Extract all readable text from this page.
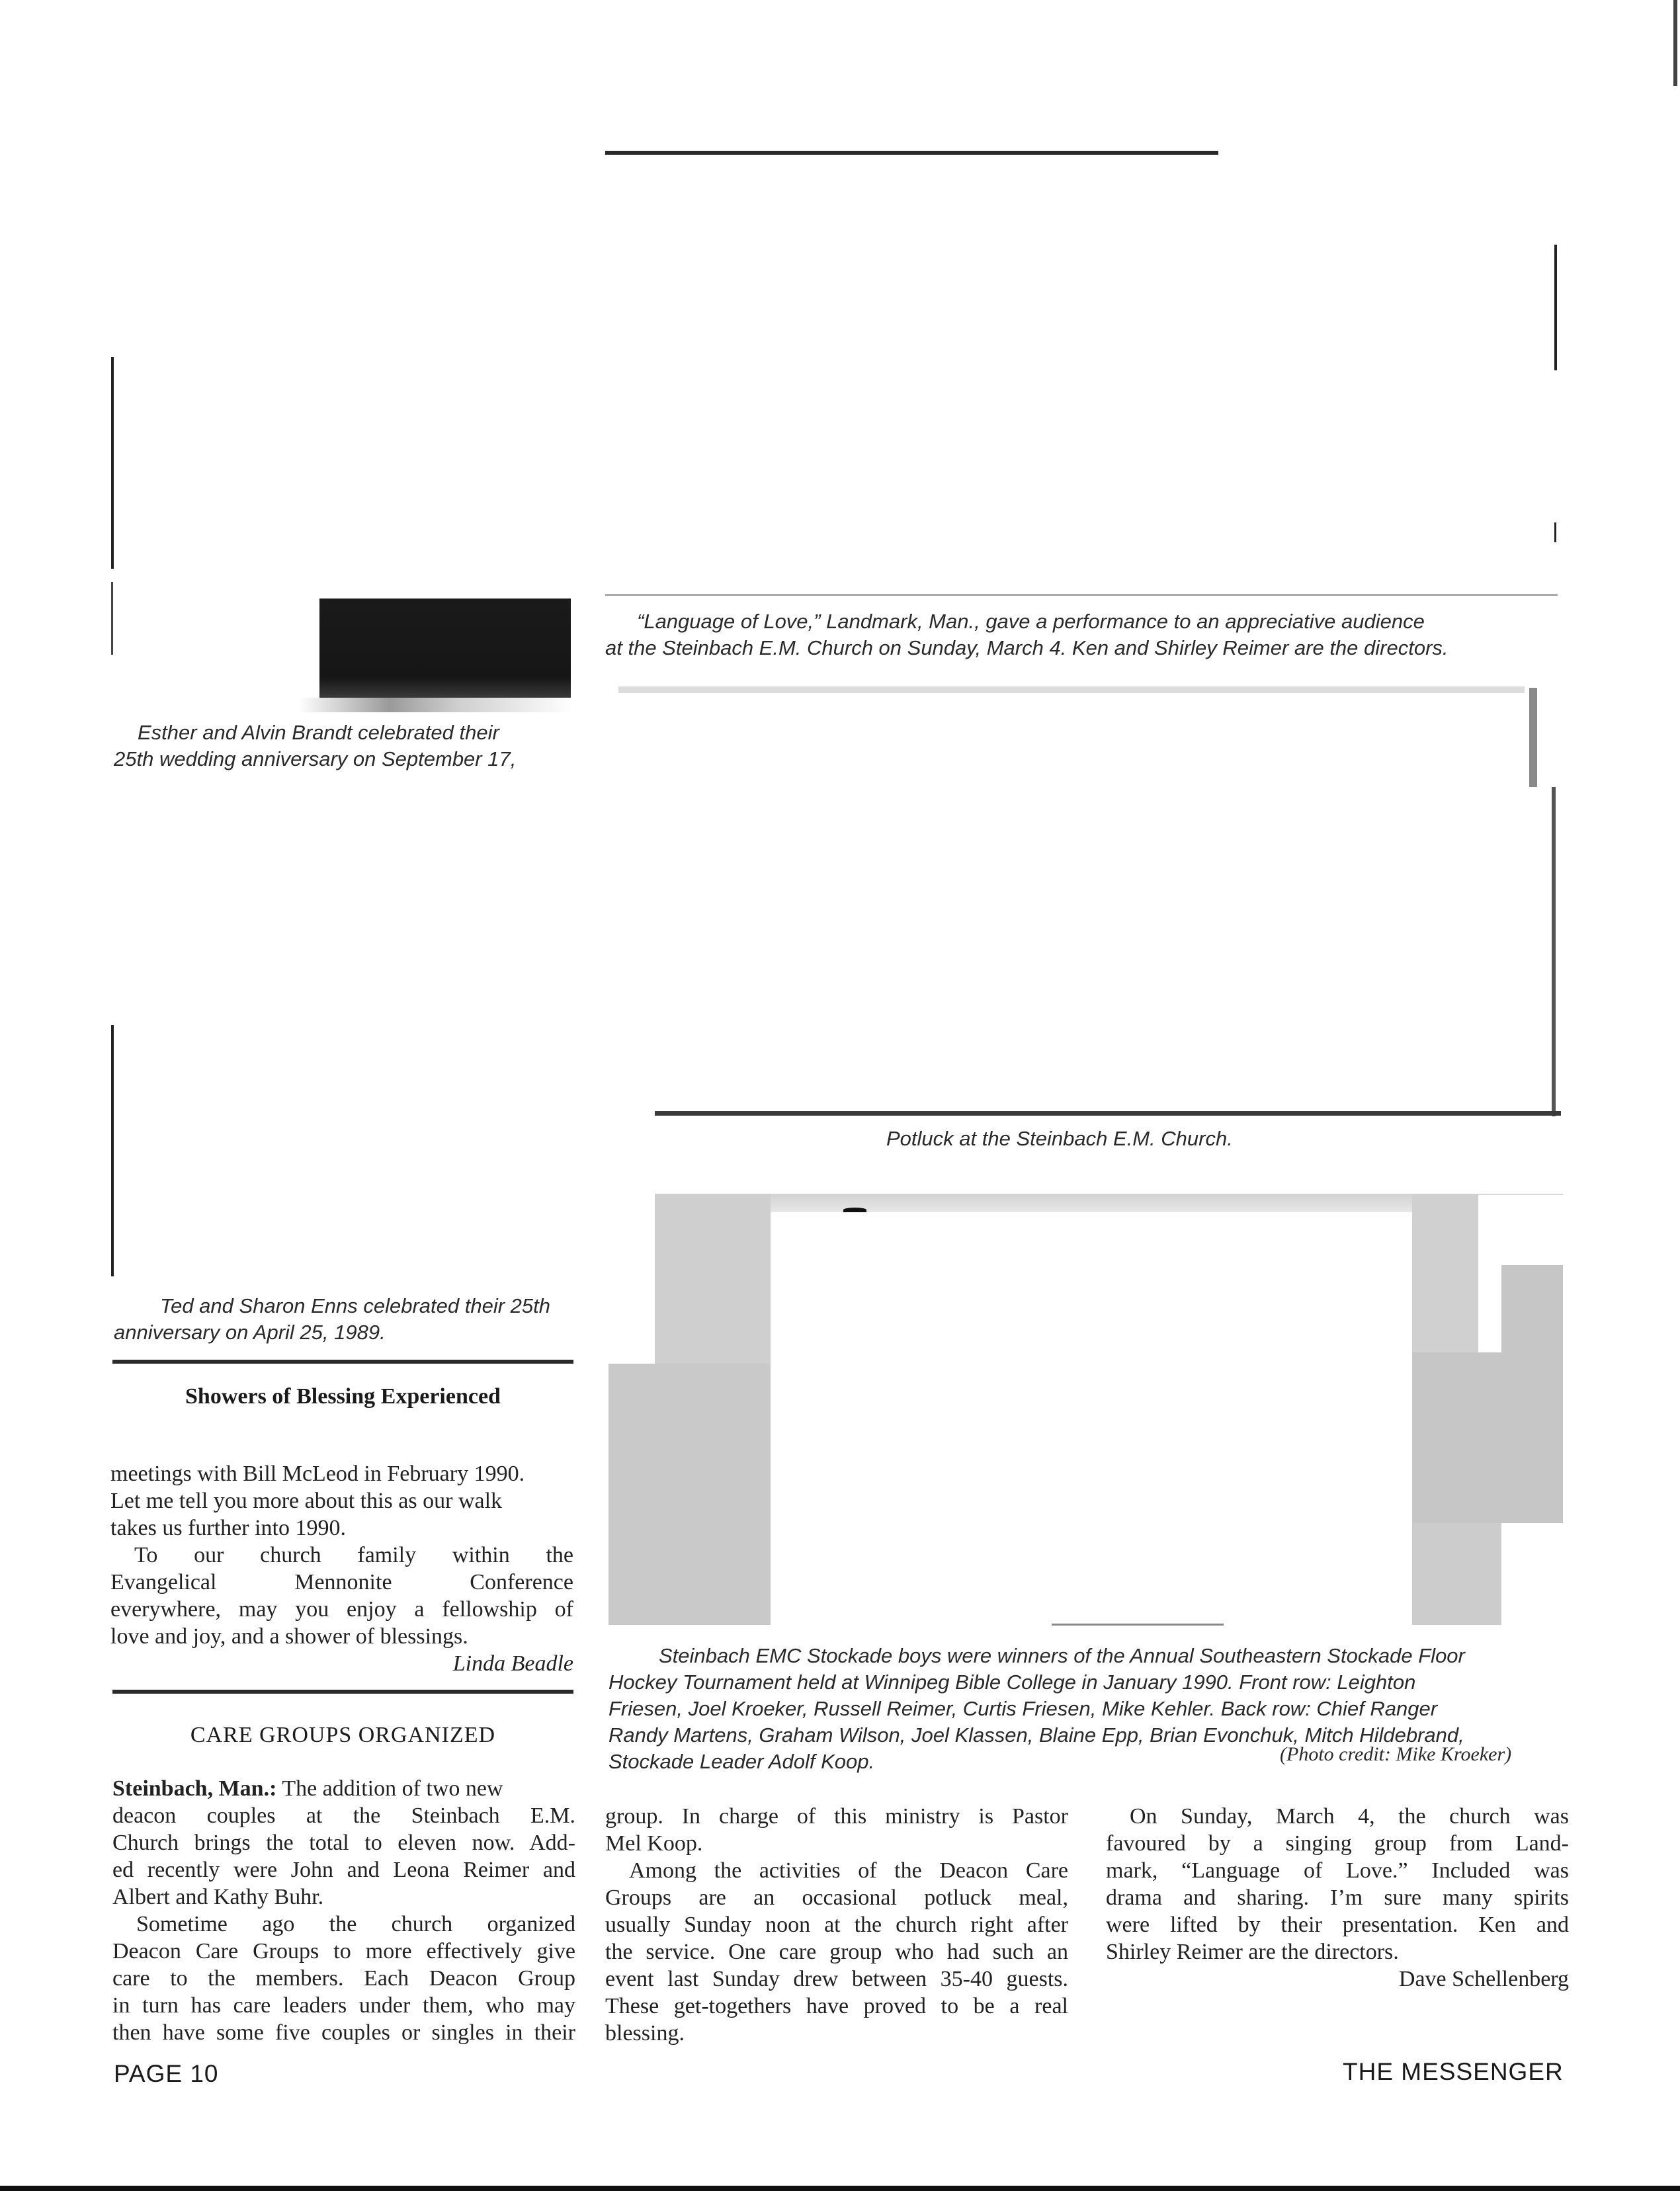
“Language of Love,” Landmark, Man., gave a performance to an appreciative audience
at the Steinbach E.M. Church on Sunday, March 4. Ken and Shirley Reimer are the directors.
Esther and Alvin Brandt celebrated their
25th wedding anniversary on September 17,
Potluck at the Steinbach E.M. Church.
Ted and Sharon Enns celebrated their 25th
anniversary on April 25, 1989.
Showers of Blessing Experienced
meetings with Bill McLeod in February 1990.
Let me tell you more about this as our walk
takes us further into 1990.
To our church family within the
Evangelical Mennonite Conference
everywhere, may you enjoy a fellowship of
love and joy, and a shower of blessings.
Linda Beadle
CARE GROUPS ORGANIZED
Steinbach EMC Stockade boys were winners of the Annual Southeastern Stockade Floor
Hockey Tournament held at Winnipeg Bible College in January 1990. Front row: Leighton
Friesen, Joel Kroeker, Russell Reimer, Curtis Friesen, Mike Kehler. Back row: Chief Ranger
Randy Martens, Graham Wilson, Joel Klassen, Blaine Epp, Brian Evonchuk, Mitch Hildebrand,
Stockade Leader Adolf Koop.	(Photo credit: Mike Kroeker)
Steinbach, Man.: The addition of two new
deacon couples at the Steinbach E.M.
Church brings the total to eleven now. Add-
ed recently were John and Leona Reimer and
Albert and Kathy Buhr.
Sometime ago the church organized
Deacon Care Groups to more effectively give
care to the members. Each Deacon Group
in turn has care leaders under them, who may
then have some five couples or singles in their
group. In charge of this ministry is Pastor
Mel Koop.
Among the activities of the Deacon Care
Groups are an occasional potluck meal,
usually Sunday noon at the church right after
the service. One care group who had such an
event last Sunday drew between 35-40 guests.
These get-togethers have proved to be a real
blessing.
On Sunday, March 4, the church was
favoured by a singing group from Land-
mark, “Language of Love.” Included was
drama and sharing. I’m sure many spirits
were lifted by their presentation. Ken and
Shirley Reimer are the directors.
Dave Schellenberg
PAGE 10	THE MESSENGER
